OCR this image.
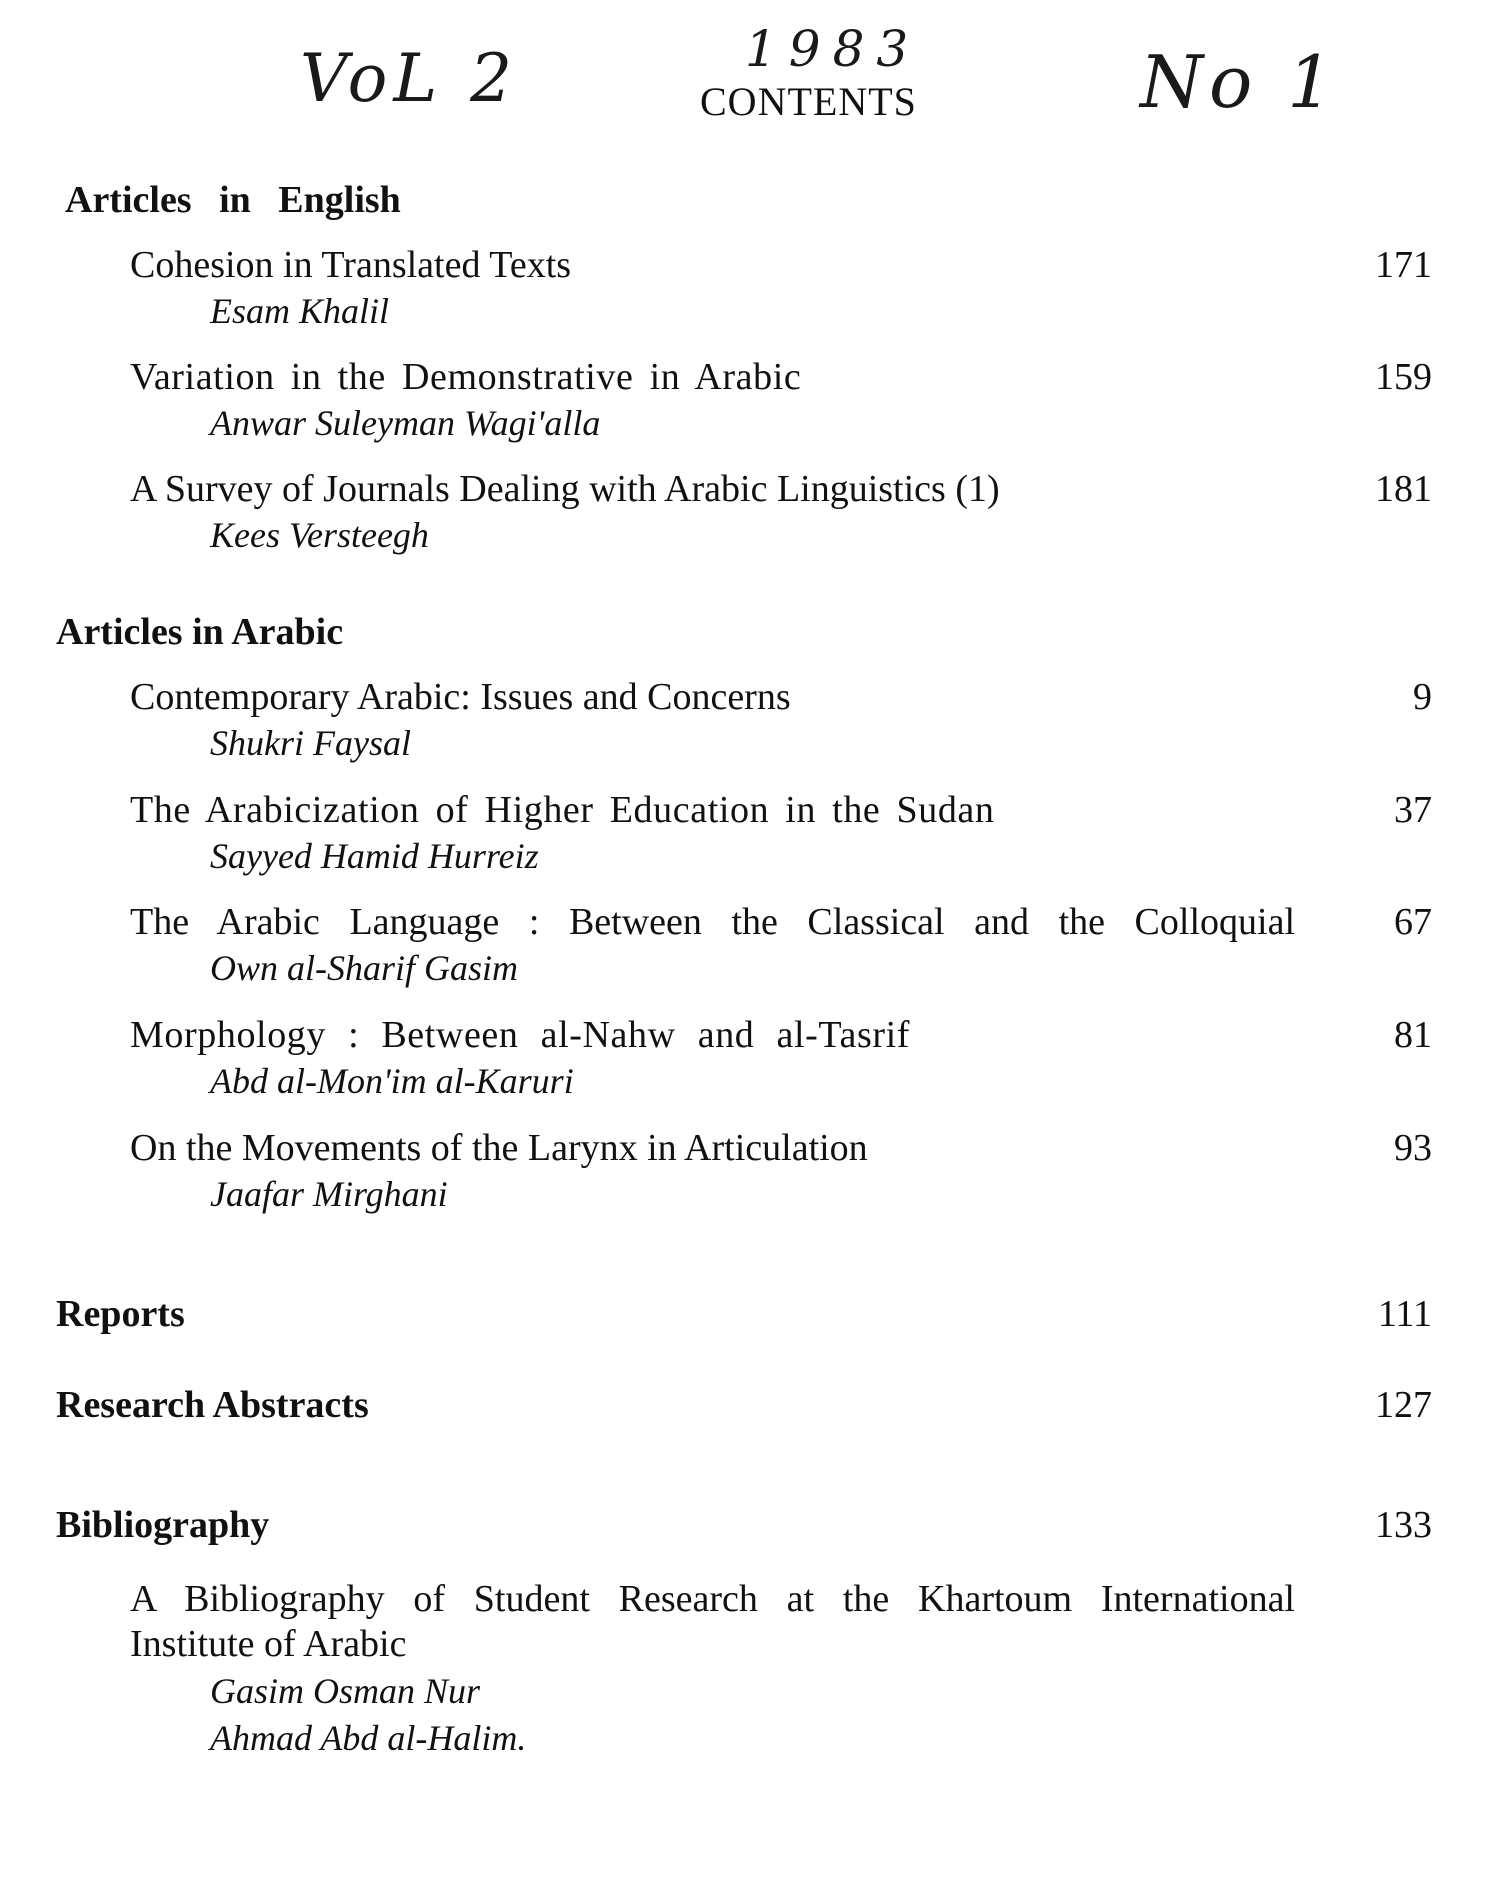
VoL 2	1983	No 1
CONTENTS
Articles in English
Cohesion in Translated Texts	171
Esam Khalil
Variation in the Demonstrative in Arabic	159
Anwar Suleyman Wagi'alla
A Survey of Journals Dealing with Arabic Linguistics (1)	181
Kees Versteegh
Articles in Arabic
Contemporary Arabic: Issues and Concerns	9
Shukri Faysal
The Arabicization of Higher Education in the Sudan	37
Sayyed Hamid Hurreiz
The Arabic Language : Between the Classical and the Colloquial	67
Own al-Sharif Gasim
Morphology : Between al-Nahw and al-Tasrif	81
Abd al-Mon'im al-Karuri
On the Movements of the Larynx in Articulation	93
Jaafar Mirghani
Reports	111
Research Abstracts	127
Bibliography	133
A Bibliography of Student Research at the Khartoum International
Institute of Arabic
Gasim Osman Nur
Ahmad Abd al-Halim.
